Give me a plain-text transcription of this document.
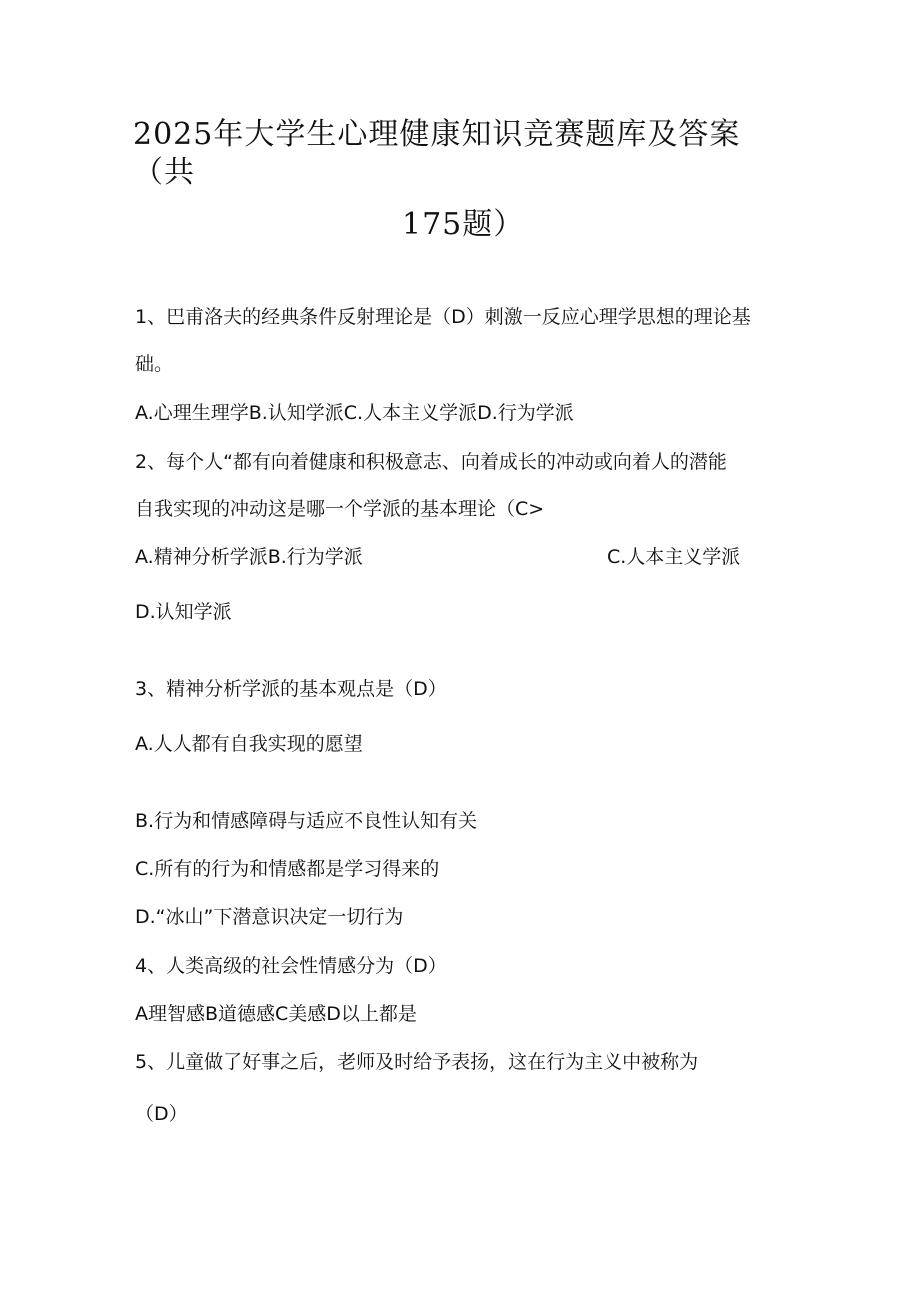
2025年大学生心理健康知识竞赛题库及答案
（共
175题）
1、巴甫洛夫的经典条件反射理论是（D）刺激一反应心理学思想的理论基
础。
A.心理生理学B.认知学派C.人本主义学派D.行为学派
2、每个人“都有向着健康和积极意志、向着成长的冲动或向着人的潜能
自我实现的冲动这是哪一个学派的基本理论（C>
A.精神分析学派B.行为学派	C.人本主义学派
D.认知学派
3、精神分析学派的基本观点是（D）
A.人人都有自我实现的愿望
B.行为和情感障碍与适应不良性认知有关
C.所有的行为和情感都是学习得来的
D.“冰山”下潜意识决定一切行为
4、人类高级的社会性情感分为（D）
A理智感B道德感C美感D以上都是
5、儿童做了好事之后，老师及时给予表扬，这在行为主义中被称为
（D）
